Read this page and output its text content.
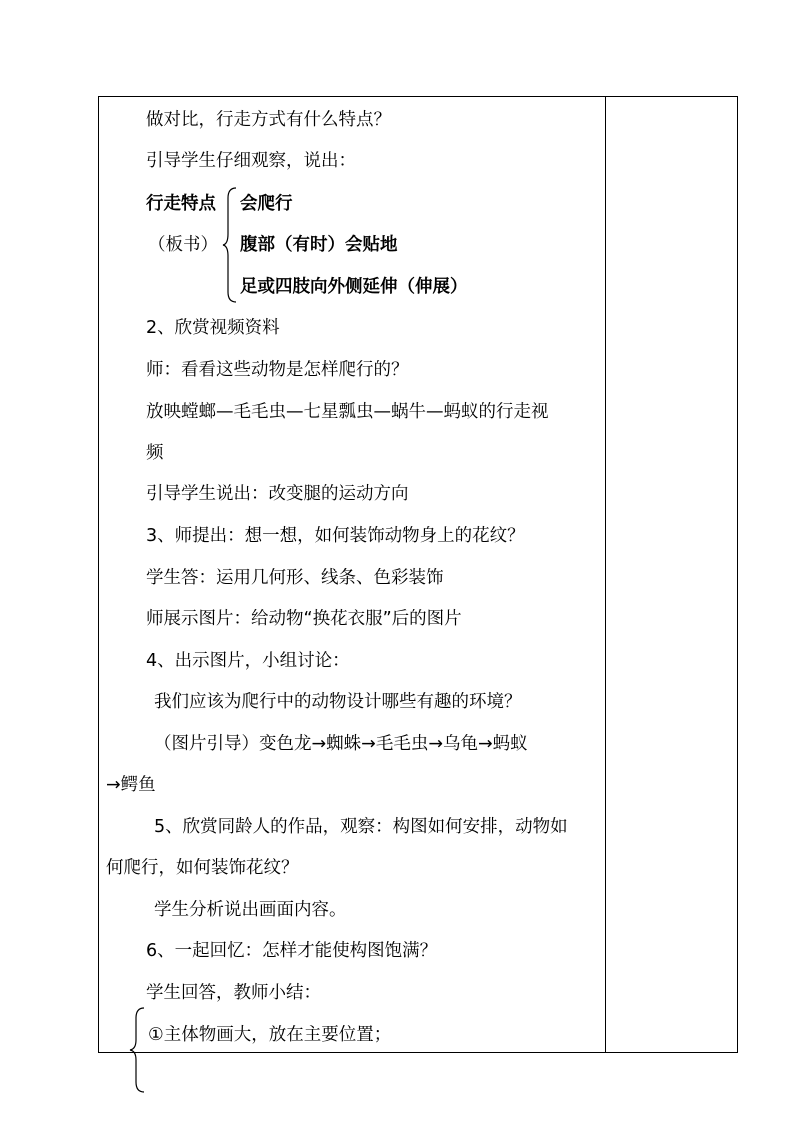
做对比，行走方式有什么特点？
引导学生仔细观察，说出：
行走特点
（板书）
会爬行
腹部（有时）会贴地
足或四肢向外侧延伸（伸展）
2、欣赏视频资料
师：看看这些动物是怎样爬行的？
放映螳螂—毛毛虫—七星瓢虫—蜗牛—蚂蚁的行走视
频
引导学生说出：改变腿的运动方向
3、师提出：想一想，如何装饰动物身上的花纹？
学生答：运用几何形、线条、色彩装饰
师展示图片：给动物“换花衣服”后的图片
4、出示图片，小组讨论：
我们应该为爬行中的动物设计哪些有趣的环境？
（图片引导）变色龙→蜘蛛→毛毛虫→乌龟→蚂蚁
→鳄鱼
5、欣赏同龄人的作品，观察：构图如何安排，动物如
何爬行，如何装饰花纹？
学生分析说出画面内容。
6、一起回忆：怎样才能使构图饱满？
学生回答，教师小结：
①主体物画大，放在主要位置；
